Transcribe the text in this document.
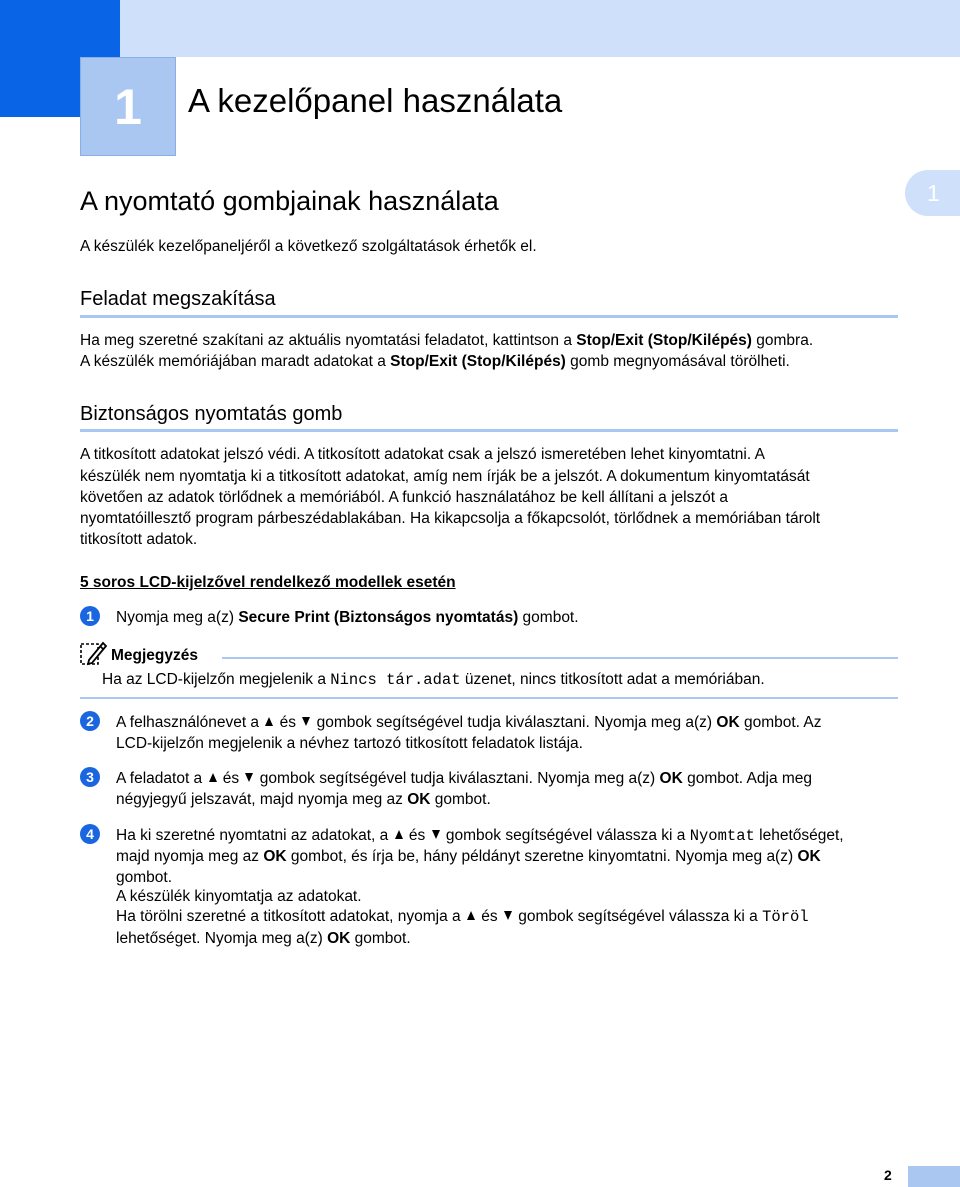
1	A kezelőpanel használata
1
A nyomtató gombjainak használata
A készülék kezelőpaneljéről a következő szolgáltatások érhetők el.
Feladat megszakítása
Ha meg szeretné szakítani az aktuális nyomtatási feladatot, kattintson a Stop/Exit (Stop/Kilépés) gombra.
A készülék memóriájában maradt adatokat a Stop/Exit (Stop/Kilépés) gomb megnyomásával törölheti.
Biztonságos nyomtatás gomb
A titkosított adatokat jelszó védi. A titkosított adatokat csak a jelszó ismeretében lehet kinyomtatni. A
készülék nem nyomtatja ki a titkosított adatokat, amíg nem írják be a jelszót. A dokumentum kinyomtatását
követően az adatok törlődnek a memóriából. A funkció használatához be kell állítani a jelszót a
nyomtatóillesztő program párbeszédablakában. Ha kikapcsolja a főkapcsolót, törlődnek a memóriában tárolt
titkosított adatok.
5 soros LCD-kijelzővel rendelkező modellek esetén
1	Nyomja meg a(z) Secure Print (Biztonságos nyomtatás) gombot.
Megjegyzés
Ha az LCD-kijelzőn megjelenik a Nincs tár.adat üzenet, nincs titkosított adat a memóriában.
2	A felhasználónevet a  és  gombok segítségével tudja kiválasztani. Nyomja meg a(z) OK gombot. Az
LCD-kijelzőn megjelenik a névhez tartozó titkosított feladatok listája.
3	A feladatot a  és  gombok segítségével tudja kiválasztani. Nyomja meg a(z) OK gombot. Adja meg
négyjegyű jelszavát, majd nyomja meg az OK gombot.
4	Ha ki szeretné nyomtatni az adatokat, a  és  gombok segítségével válassza ki a Nyomtat lehetőséget,
majd nyomja meg az OK gombot, és írja be, hány példányt szeretne kinyomtatni. Nyomja meg a(z) OK
gombot.
A készülék kinyomtatja az adatokat.
Ha törölni szeretné a titkosított adatokat, nyomja a  és  gombok segítségével válassza ki a Töröl
lehetőséget. Nyomja meg a(z) OK gombot.
2
